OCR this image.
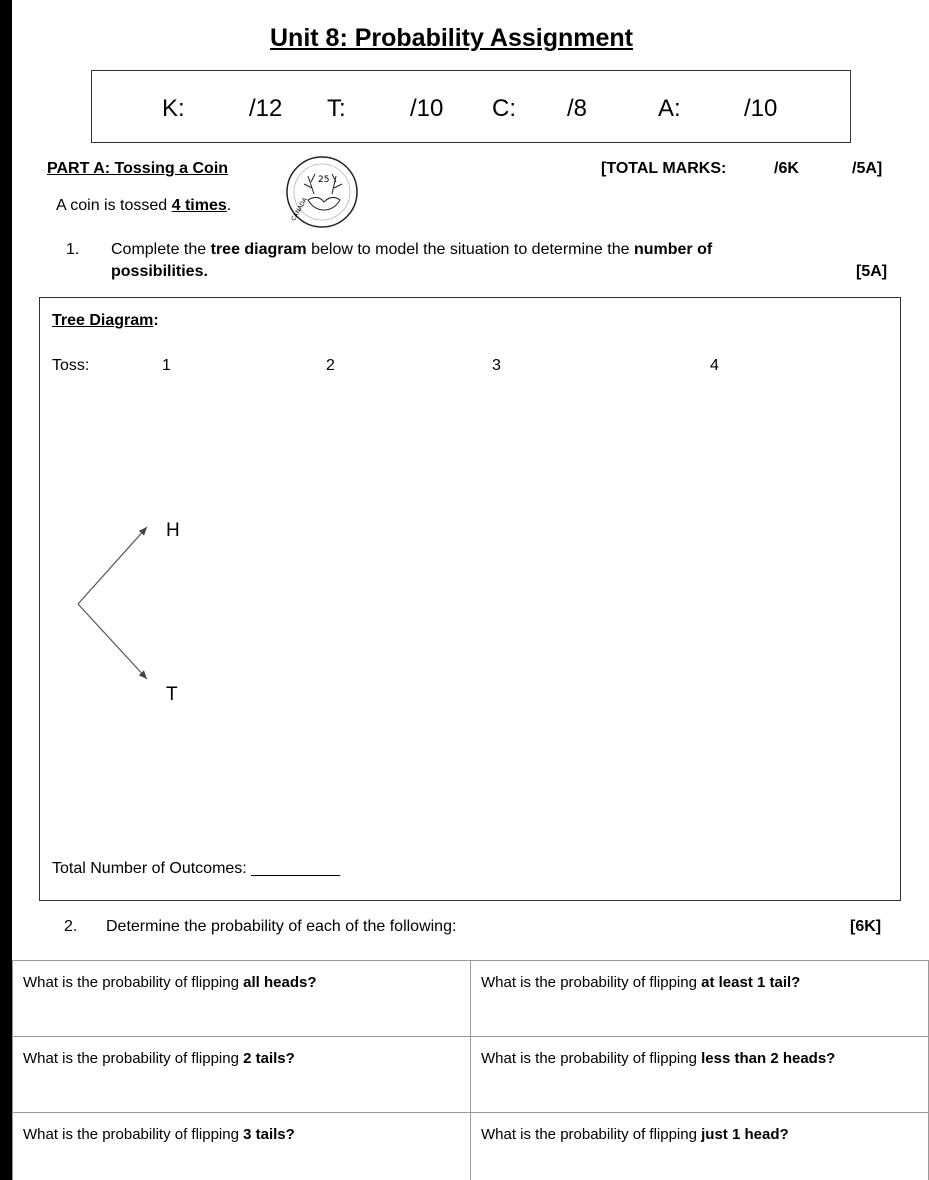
Unit 8: Probability Assignment
K:	/12 T:	/10 C: /8	A:	/10
PART A: Tossing a Coin
25
CANADA
[TOTAL MARKS:	/6K	/5A]
A coin is tossed 4 times.
1. Complete the tree diagram below to model the situation to determine the number of
possibilities.	[5A]
Tree Diagram:
Toss:	1	2	3	4
H
T
Total Number of Outcomes: __________
2. Determine the probability of each of the following:	[6K]
What is the probability of flipping all heads?	What is the probability of flipping at least 1 tail?
What is the probability of flipping 2 tails?	What is the probability of flipping less than 2 heads?
What is the probability of flipping 3 tails?	What is the probability of flipping just 1 head?
